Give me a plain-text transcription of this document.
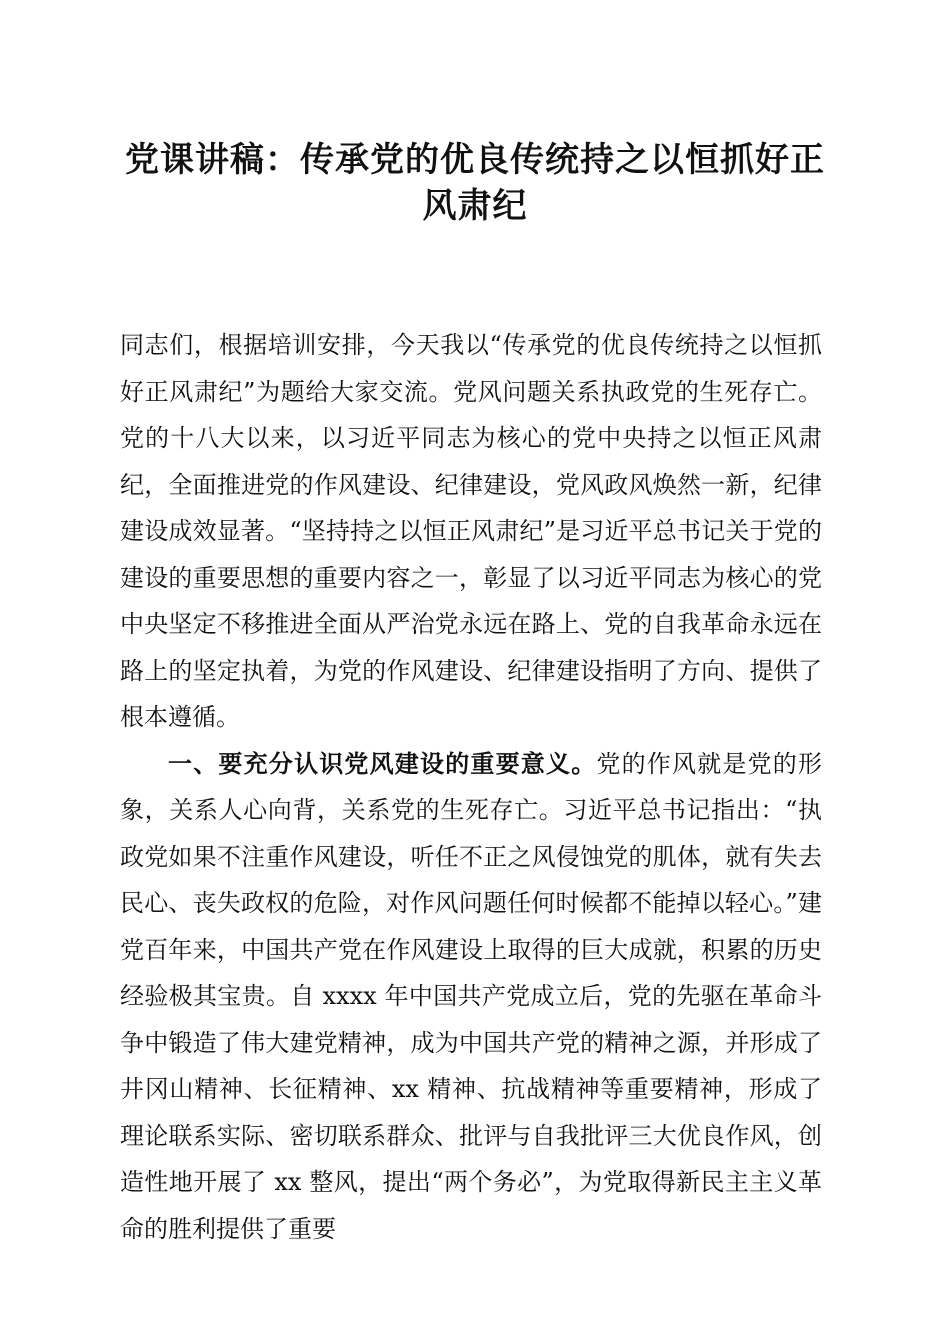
党课讲稿：传承党的优良传统持之以恒抓好正
风肃纪

同志们，根据培训安排，今天我以“传承党的优良传统持之以恒抓好正风肃纪”为题给大家交流。党风问题关系执政党的生死存亡。党的十八大以来，以习近平同志为核心的党中央持之以恒正风肃纪，全面推进党的作风建设、纪律建设，党风政风焕然一新，纪律建设成效显著。“坚持持之以恒正风肃纪”是习近平总书记关于党的建设的重要思想的重要内容之一，彰显了以习近平同志为核心的党中央坚定不移推进全面从严治党永远在路上、党的自我革命永远在路上的坚定执着，为党的作风建设、纪律建设指明了方向、提供了根本遵循。

一、要充分认识党风建设的重要意义。党的作风就是党的形象，关系人心向背，关系党的生死存亡。习近平总书记指出：“执政党如果不注重作风建设，听任不正之风侵蚀党的肌体，就有失去民心、丧失政权的危险，对作风问题任何时候都不能掉以轻心。”建党百年来，中国共产党在作风建设上取得的巨大成就，积累的历史经验极其宝贵。自 xxxx 年中国共产党成立后，党的先驱在革命斗争中锻造了伟大建党精神，成为中国共产党的精神之源，并形成了井冈山精神、长征精神、xx 精神、抗战精神等重要精神，形成了理论联系实际、密切联系群众、批评与自我批评三大优良作风，创造性地开展了 xx 整风，提出“两个务必”，为党取得新民主主义革命的胜利提供了重要
